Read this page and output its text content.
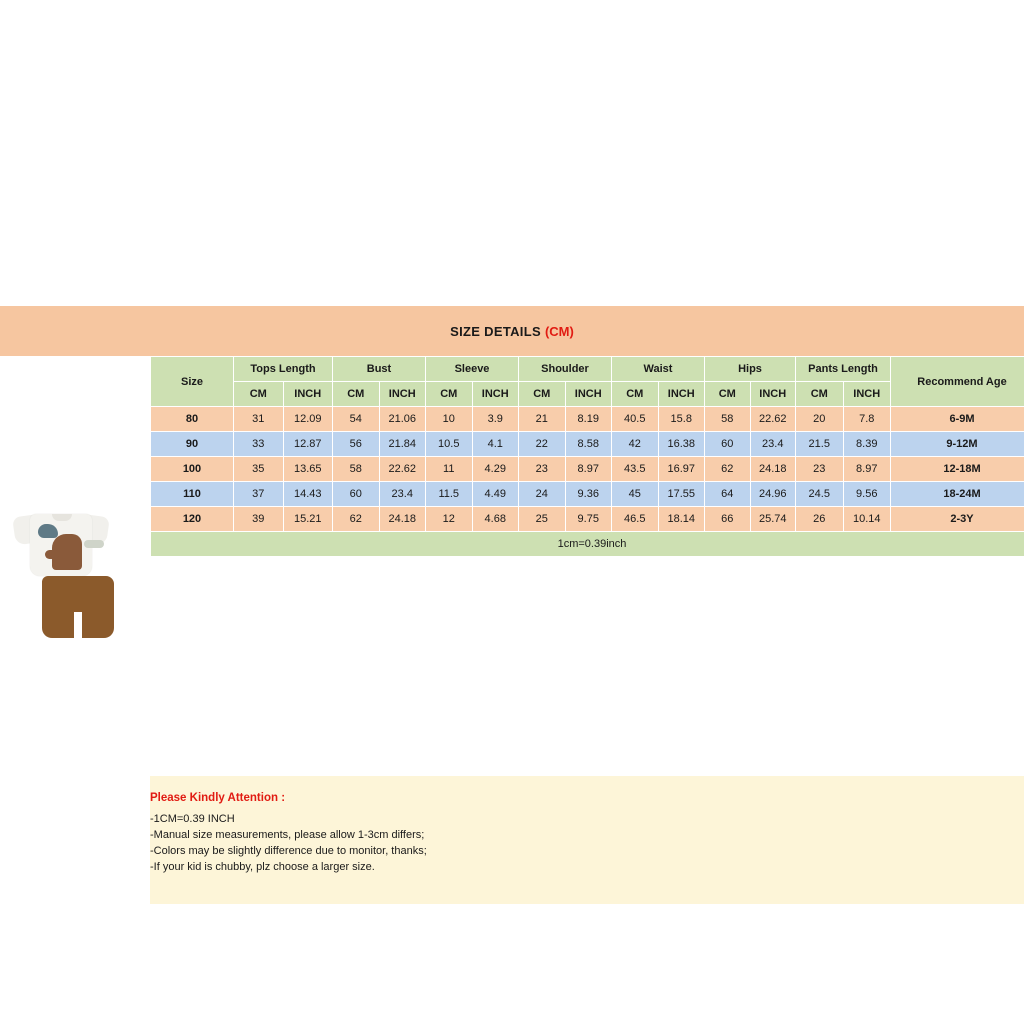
SIZE DETAILS (CM)
Size	Tops Length		Bust		Sleeve		Shoulder		Waist		Hips		Pants Length		Recommend Age
	CM	INCH	CM	INCH	CM	INCH	CM	INCH	CM	INCH	CM	INCH	CM	INCH	
80	31	12.09	54	21.06	10	3.9	21	8.19	40.5	15.8	58	22.62	20	7.8	6-9M
90	33	12.87	56	21.84	10.5	4.1	22	8.58	42	16.38	60	23.4	21.5	8.39	9-12M
100	35	13.65	58	22.62	11	4.29	23	8.97	43.5	16.97	62	24.18	23	8.97	12-18M
110	37	14.43	60	23.4	11.5	4.49	24	9.36	45	17.55	64	24.96	24.5	9.56	18-24M
120	39	15.21	62	24.18	12	4.68	25	9.75	46.5	18.14	66	25.74	26	10.14	2-3Y
1cm=0.39inch															
Please Kindly Attention :
-1CM=0.39 INCH
-Manual size measurements, please allow 1-3cm differs;
-Colors may be slightly difference due to monitor, thanks;
-If your kid is chubby, plz choose a larger size.
